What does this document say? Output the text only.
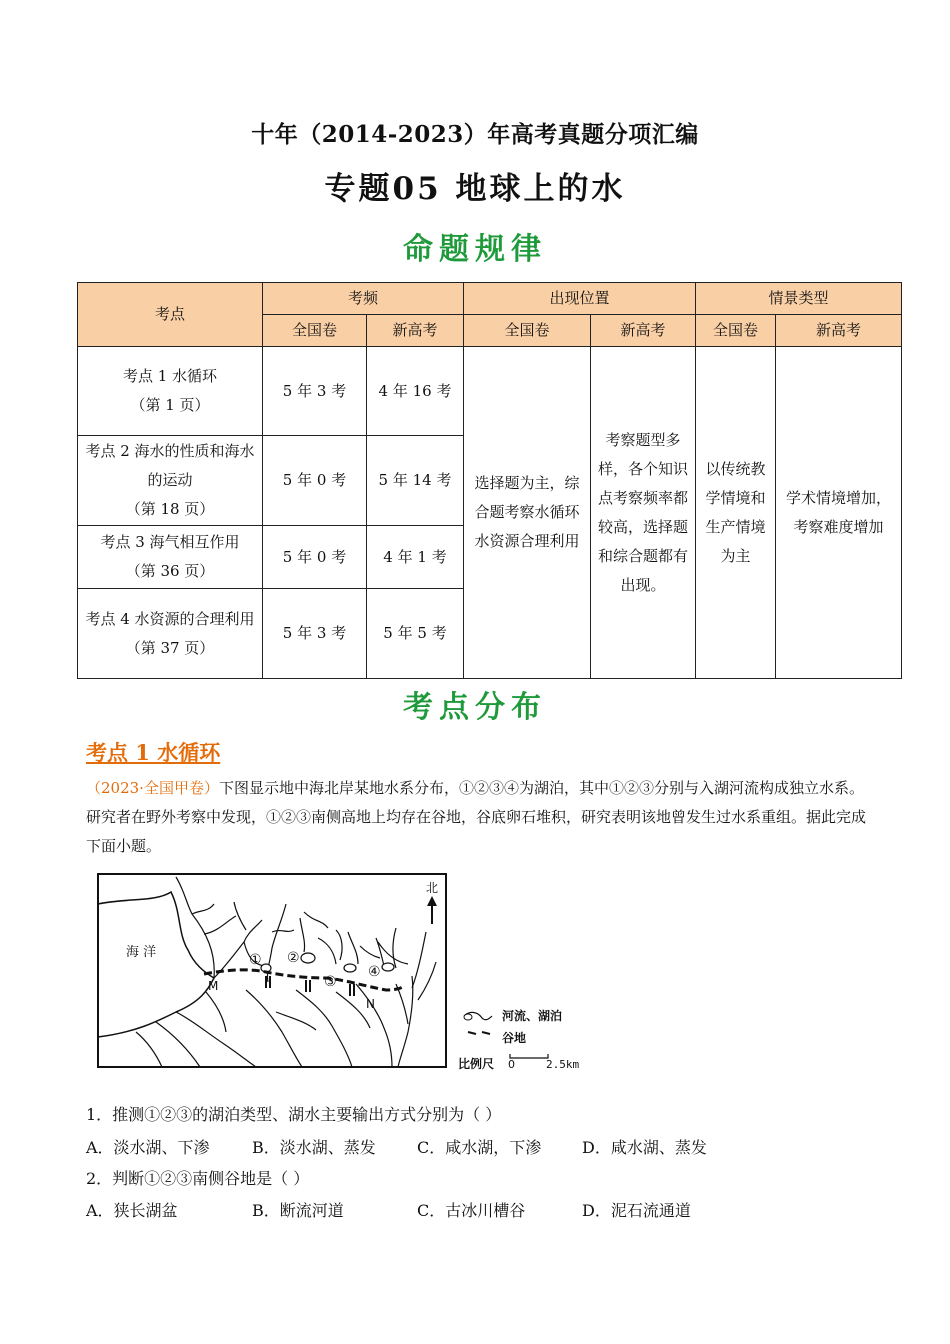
十年（2014-2023）年高考真题分项汇编
专题05 地球上的水
命题规律
考点	考频		出现位置		情景类型	
	全国卷	新高考	全国卷	新高考	全国卷	新高考

考点 1 水循环
（第 1 页）	5 年 3 考	4 年 16 考	选择题为主，综合题考察水循环水资源合理利用	考察题型多样，各个知识点考察频率都较高，选择题和综合题都有出现。	以传统教学情境和生产情境为主	学术情境增加，考察难度增加

考点 2 海水的性质和海水的运动
（第 18 页）	5 年 0 考	5 年 14 考				

考点 3 海气相互作用
（第 36 页）	5 年 0 考	4 年 1 考				

考点 4 水资源的合理利用
（第 37 页）	5 年 3 考	5 年 5 考				
考点分布
考点 1 水循环
（2023·全国甲卷）下图显示地中海北岸某地水系分布，①②③④为湖泊，其中①②③分别与入湖河流构成独立水系。研究者在野外考察中发现，①②③南侧高地上均存在谷地，谷底卵石堆积，研究表明该地曾发生过水系重组。据此完成下面小题。
海 洋	① ②
③
④
M
N
北
河流、湖泊
谷地
比例尺 0	2.5km
1．推测①②③的湖泊类型、湖水主要输出方式分别为（ ）
A．淡水湖、下渗	B．淡水湖、蒸发	C．咸水湖，下渗	D．咸水湖、蒸发
2．判断①②③南侧谷地是（ ）
A．狭长湖盆	B．断流河道	C．古冰川槽谷	D．泥石流通道
